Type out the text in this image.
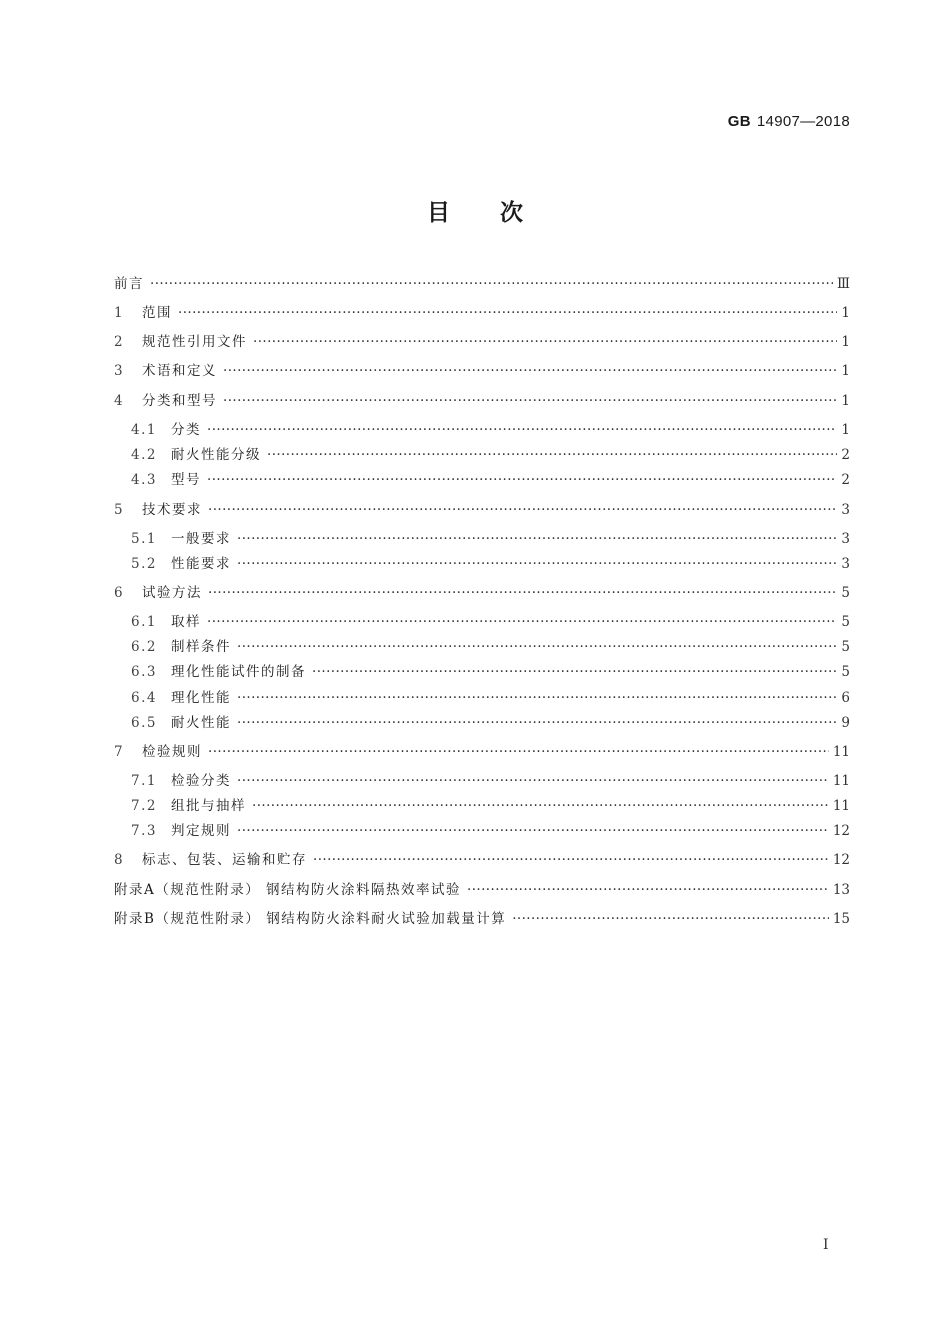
GB 14907—2018
目次
前言 ·····	Ⅲ
1	范围 ·····	1
2	规范性引用文件 ·····	1
3	术语和定义 ·····	1
4	分类和型号 ·····	1
4.1	分类 ·····	1
4.2	耐火性能分级 ·····	2
4.3	型号 ·····	2
5	技术要求 ·····	3
5.1	一般要求 ·····	3
5.2	性能要求 ·····	3
6	试验方法 ·····	5
6.1	取样 ·····	5
6.2	制样条件 ·····	5
6.3	理化性能试件的制备 ·····	5
6.4	理化性能 ·····	6
6.5	耐火性能 ·····	9
7	检验规则 ·····	11
7.1	检验分类 ·····	11
7.2	组批与抽样 ·····	11
7.3	判定规则 ·····	12
8	标志、包装、运输和贮存 ·····	12
附录A（规范性附录） 钢结构防火涂料隔热效率试验 ·····	13
附录B（规范性附录） 钢结构防火涂料耐火试验加载量计算 ·····	15
Ⅰ
